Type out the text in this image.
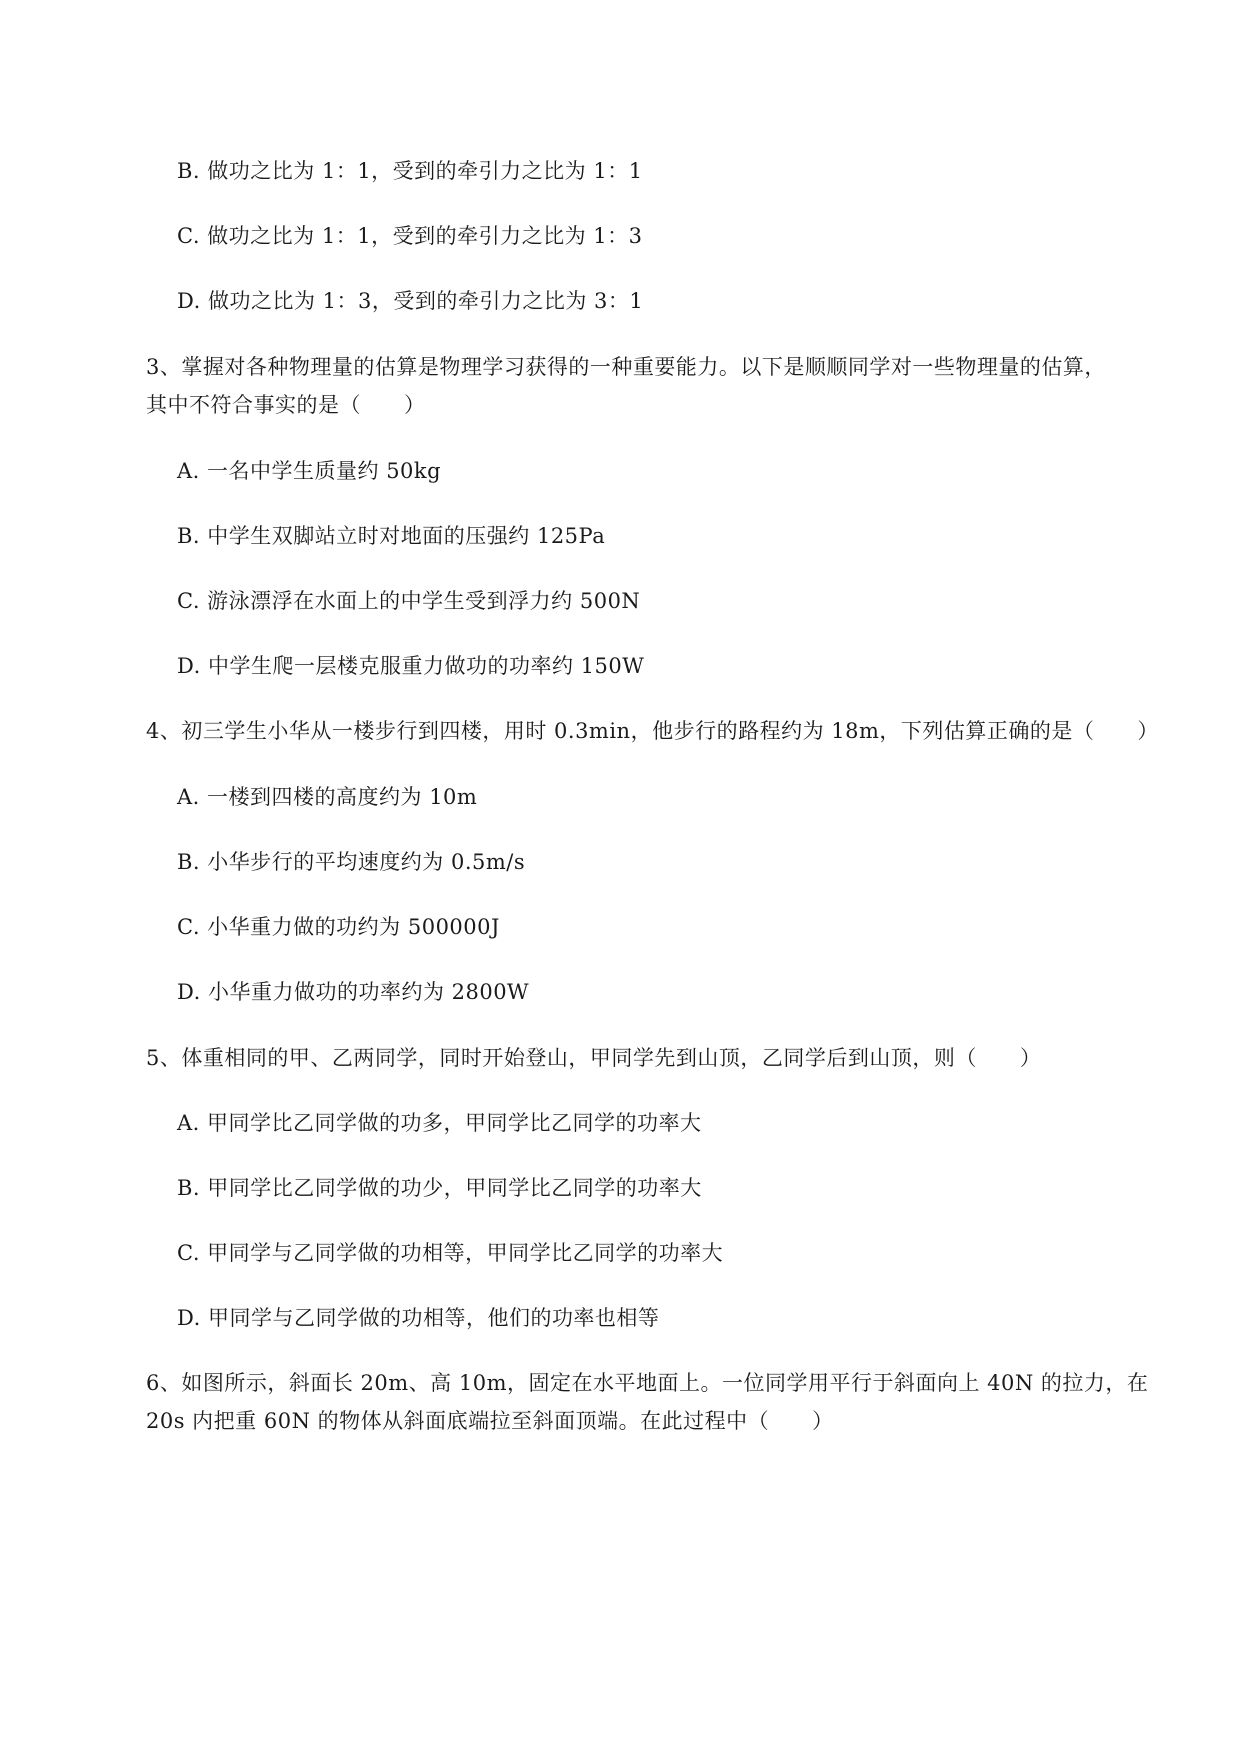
B. 做功之比为 1：1，受到的牵引力之比为 1：1
C. 做功之比为 1：1，受到的牵引力之比为 1：3
D. 做功之比为 1：3，受到的牵引力之比为 3：1
3、掌握对各种物理量的估算是物理学习获得的一种重要能力。以下是顺顺同学对一些物理量的估算，
其中不符合事实的是（　　）
A. 一名中学生质量约 50kg
B. 中学生双脚站立时对地面的压强约 125Pa
C. 游泳漂浮在水面上的中学生受到浮力约 500N
D. 中学生爬一层楼克服重力做功的功率约 150W
4、初三学生小华从一楼步行到四楼，用时 0.3min，他步行的路程约为 18m，下列估算正确的是（　　）
A. 一楼到四楼的高度约为 10m
B. 小华步行的平均速度约为 0.5m/s
C. 小华重力做的功约为 500000J
D. 小华重力做功的功率约为 2800W
5、体重相同的甲、乙两同学，同时开始登山，甲同学先到山顶，乙同学后到山顶，则（　　）
A. 甲同学比乙同学做的功多，甲同学比乙同学的功率大
B. 甲同学比乙同学做的功少，甲同学比乙同学的功率大
C. 甲同学与乙同学做的功相等，甲同学比乙同学的功率大
D. 甲同学与乙同学做的功相等，他们的功率也相等
6、如图所示，斜面长 20m、高 10m，固定在水平地面上。一位同学用平行于斜面向上 40N 的拉力，在
20s 内把重 60N 的物体从斜面底端拉至斜面顶端。在此过程中（　　）
